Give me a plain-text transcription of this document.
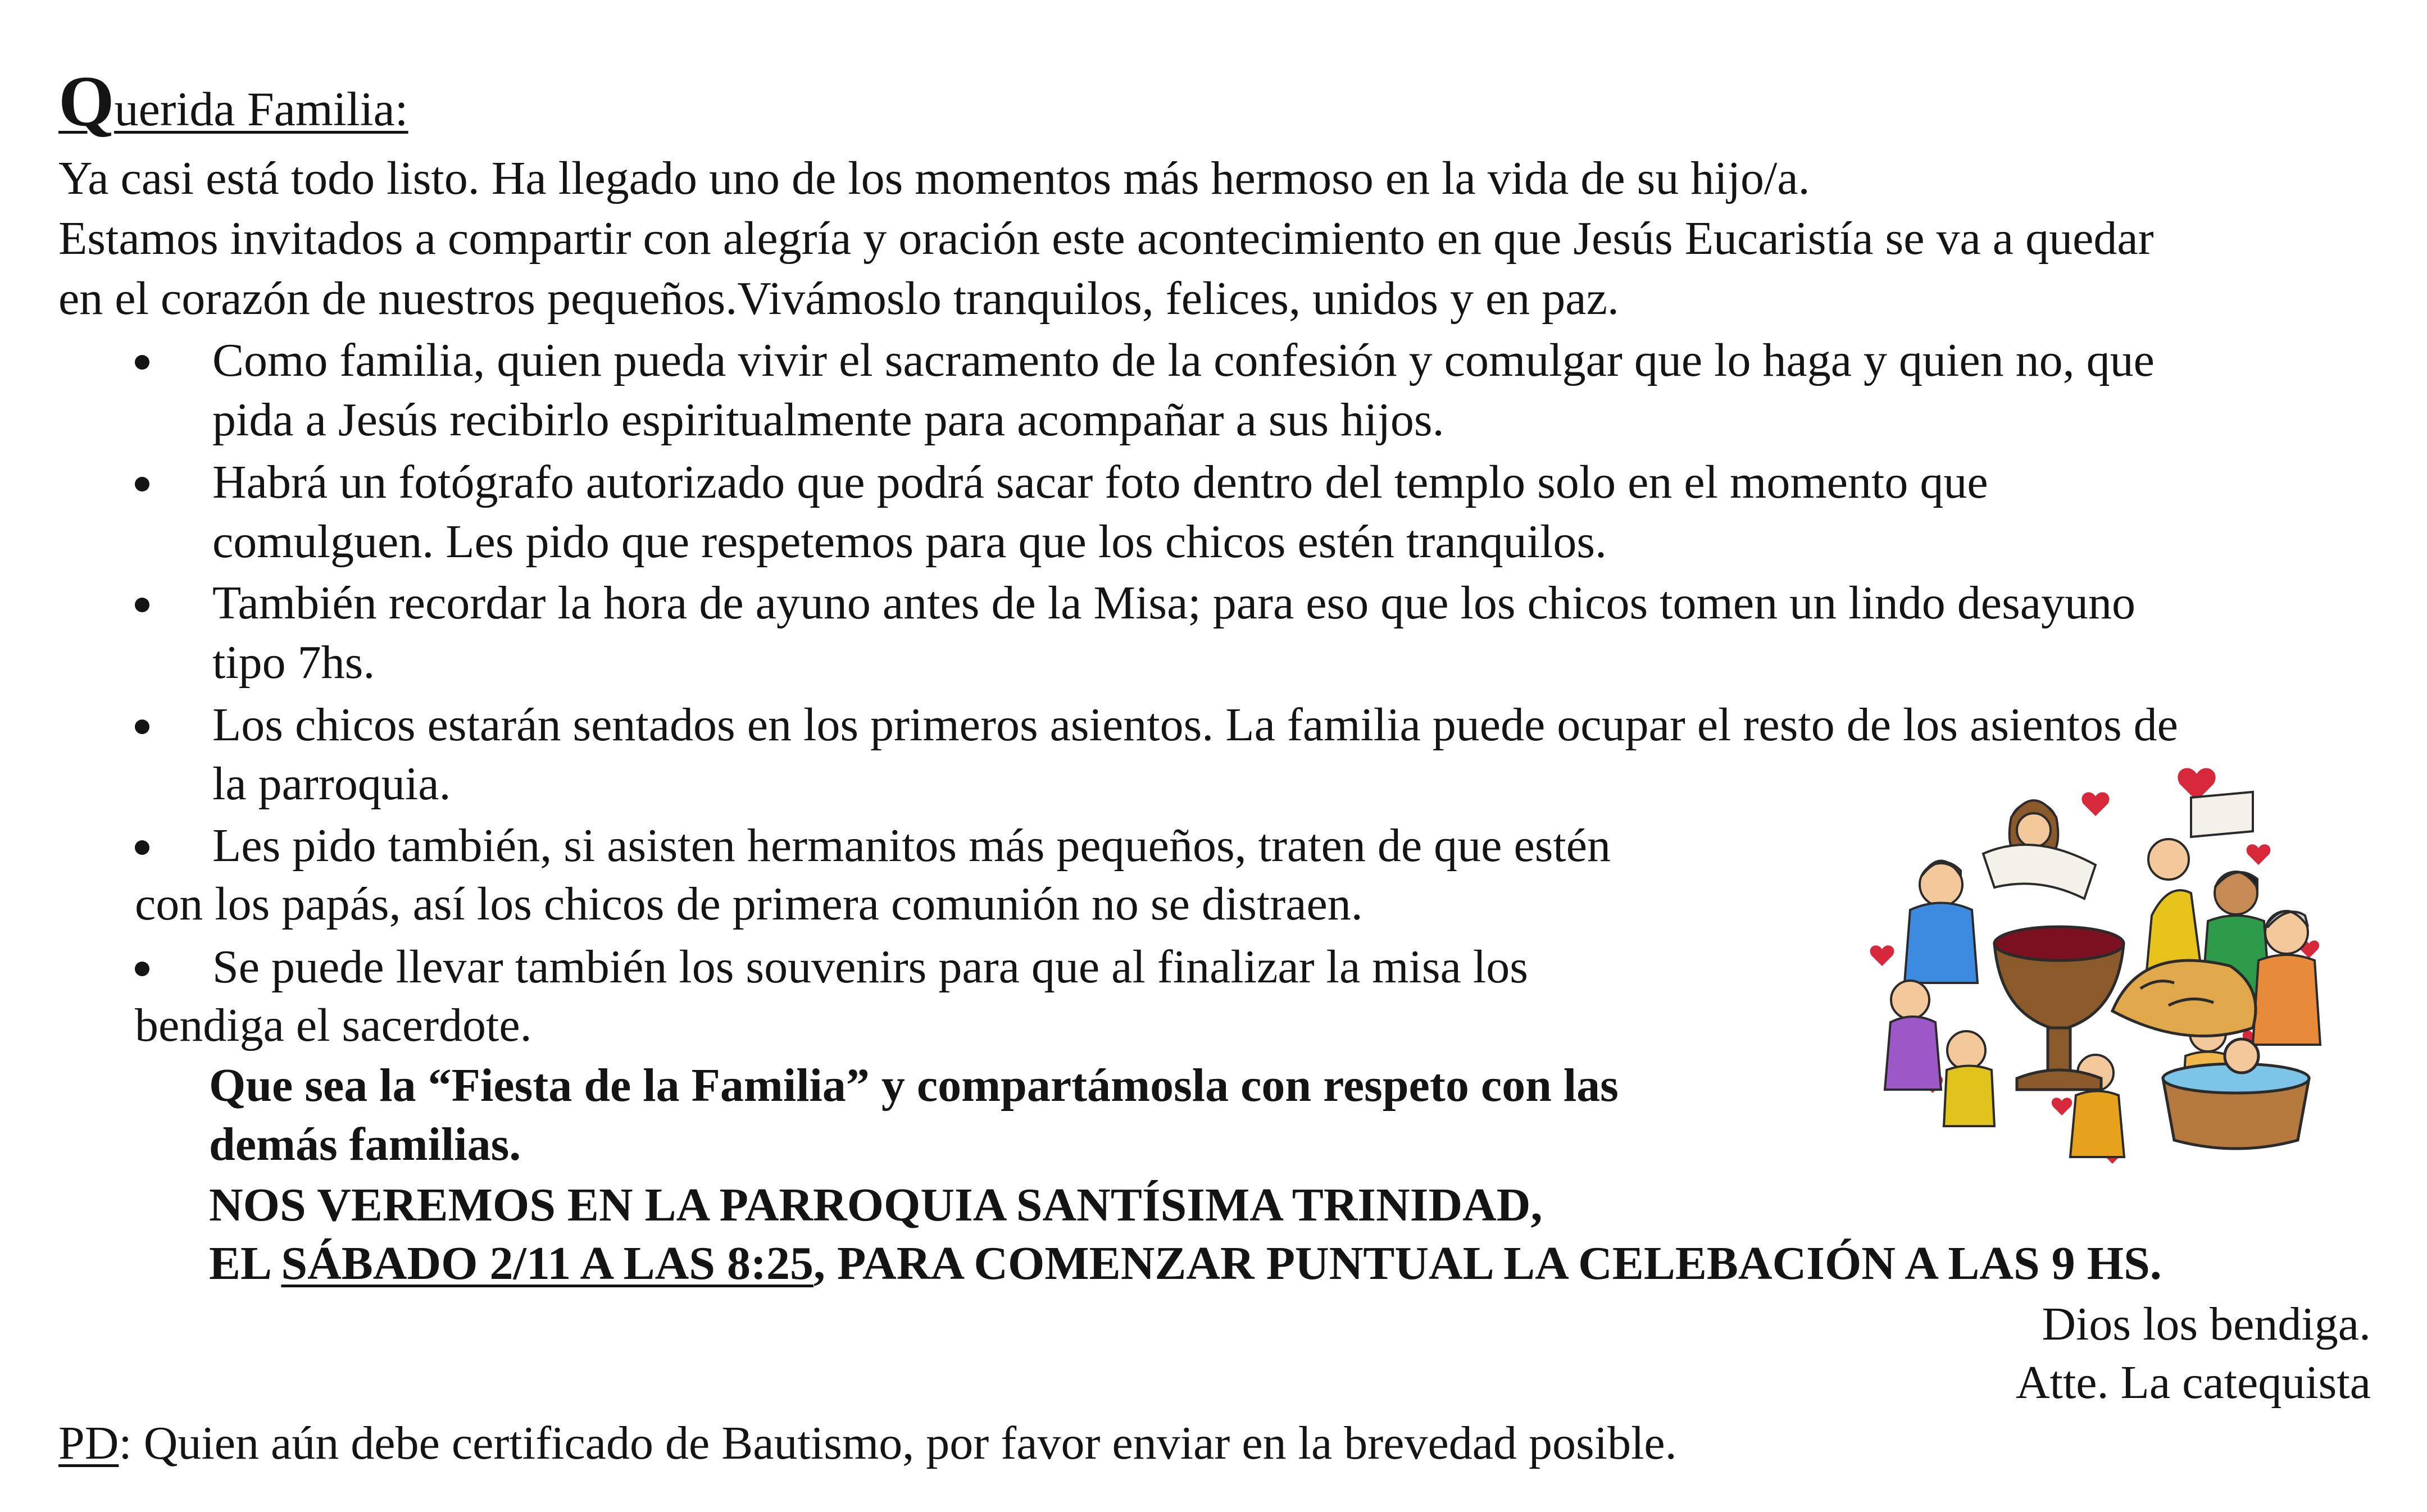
Querida Familia:
Ya casi está todo listo. Ha llegado uno de los momentos más hermoso en la vida de su hijo/a.
Estamos invitados a compartir con alegría y oración este acontecimiento en que Jesús Eucaristía se va a quedar
en el corazón de nuestros pequeños.Vivámoslo tranquilos, felices, unidos y en paz.
Como familia, quien pueda vivir el sacramento de la confesión y comulgar que lo haga y quien no, que
pida a Jesús recibirlo espiritualmente para acompañar a sus hijos.
Habrá un fotógrafo autorizado que podrá sacar foto dentro del templo solo en el momento que
comulguen. Les pido que respetemos para que los chicos estén tranquilos.
También recordar la hora de ayuno antes de la Misa; para eso que los chicos tomen un lindo desayuno
tipo 7hs.
Los chicos estarán sentados en los primeros asientos. La familia puede ocupar el resto de los asientos de
la parroquia.
Les pido también, si asisten hermanitos más pequeños, traten de que estén
con los papás, así los chicos de primera comunión no se distraen.
Se puede llevar también los souvenirs para que al finalizar la misa los
bendiga el sacerdote.
Que sea la “Fiesta de la Familia” y compartámosla con respeto con las
demás familias.
NOS VEREMOS EN LA PARROQUIA SANTÍSIMA TRINIDAD,
EL SÁBADO 2/11 A LAS 8:25, PARA COMENZAR PUNTUAL LA CELEBACIÓN A LAS 9 HS.
Dios los bendiga.
Atte. La catequista
PD: Quien aún debe certificado de Bautismo, por favor enviar en la brevedad posible.
